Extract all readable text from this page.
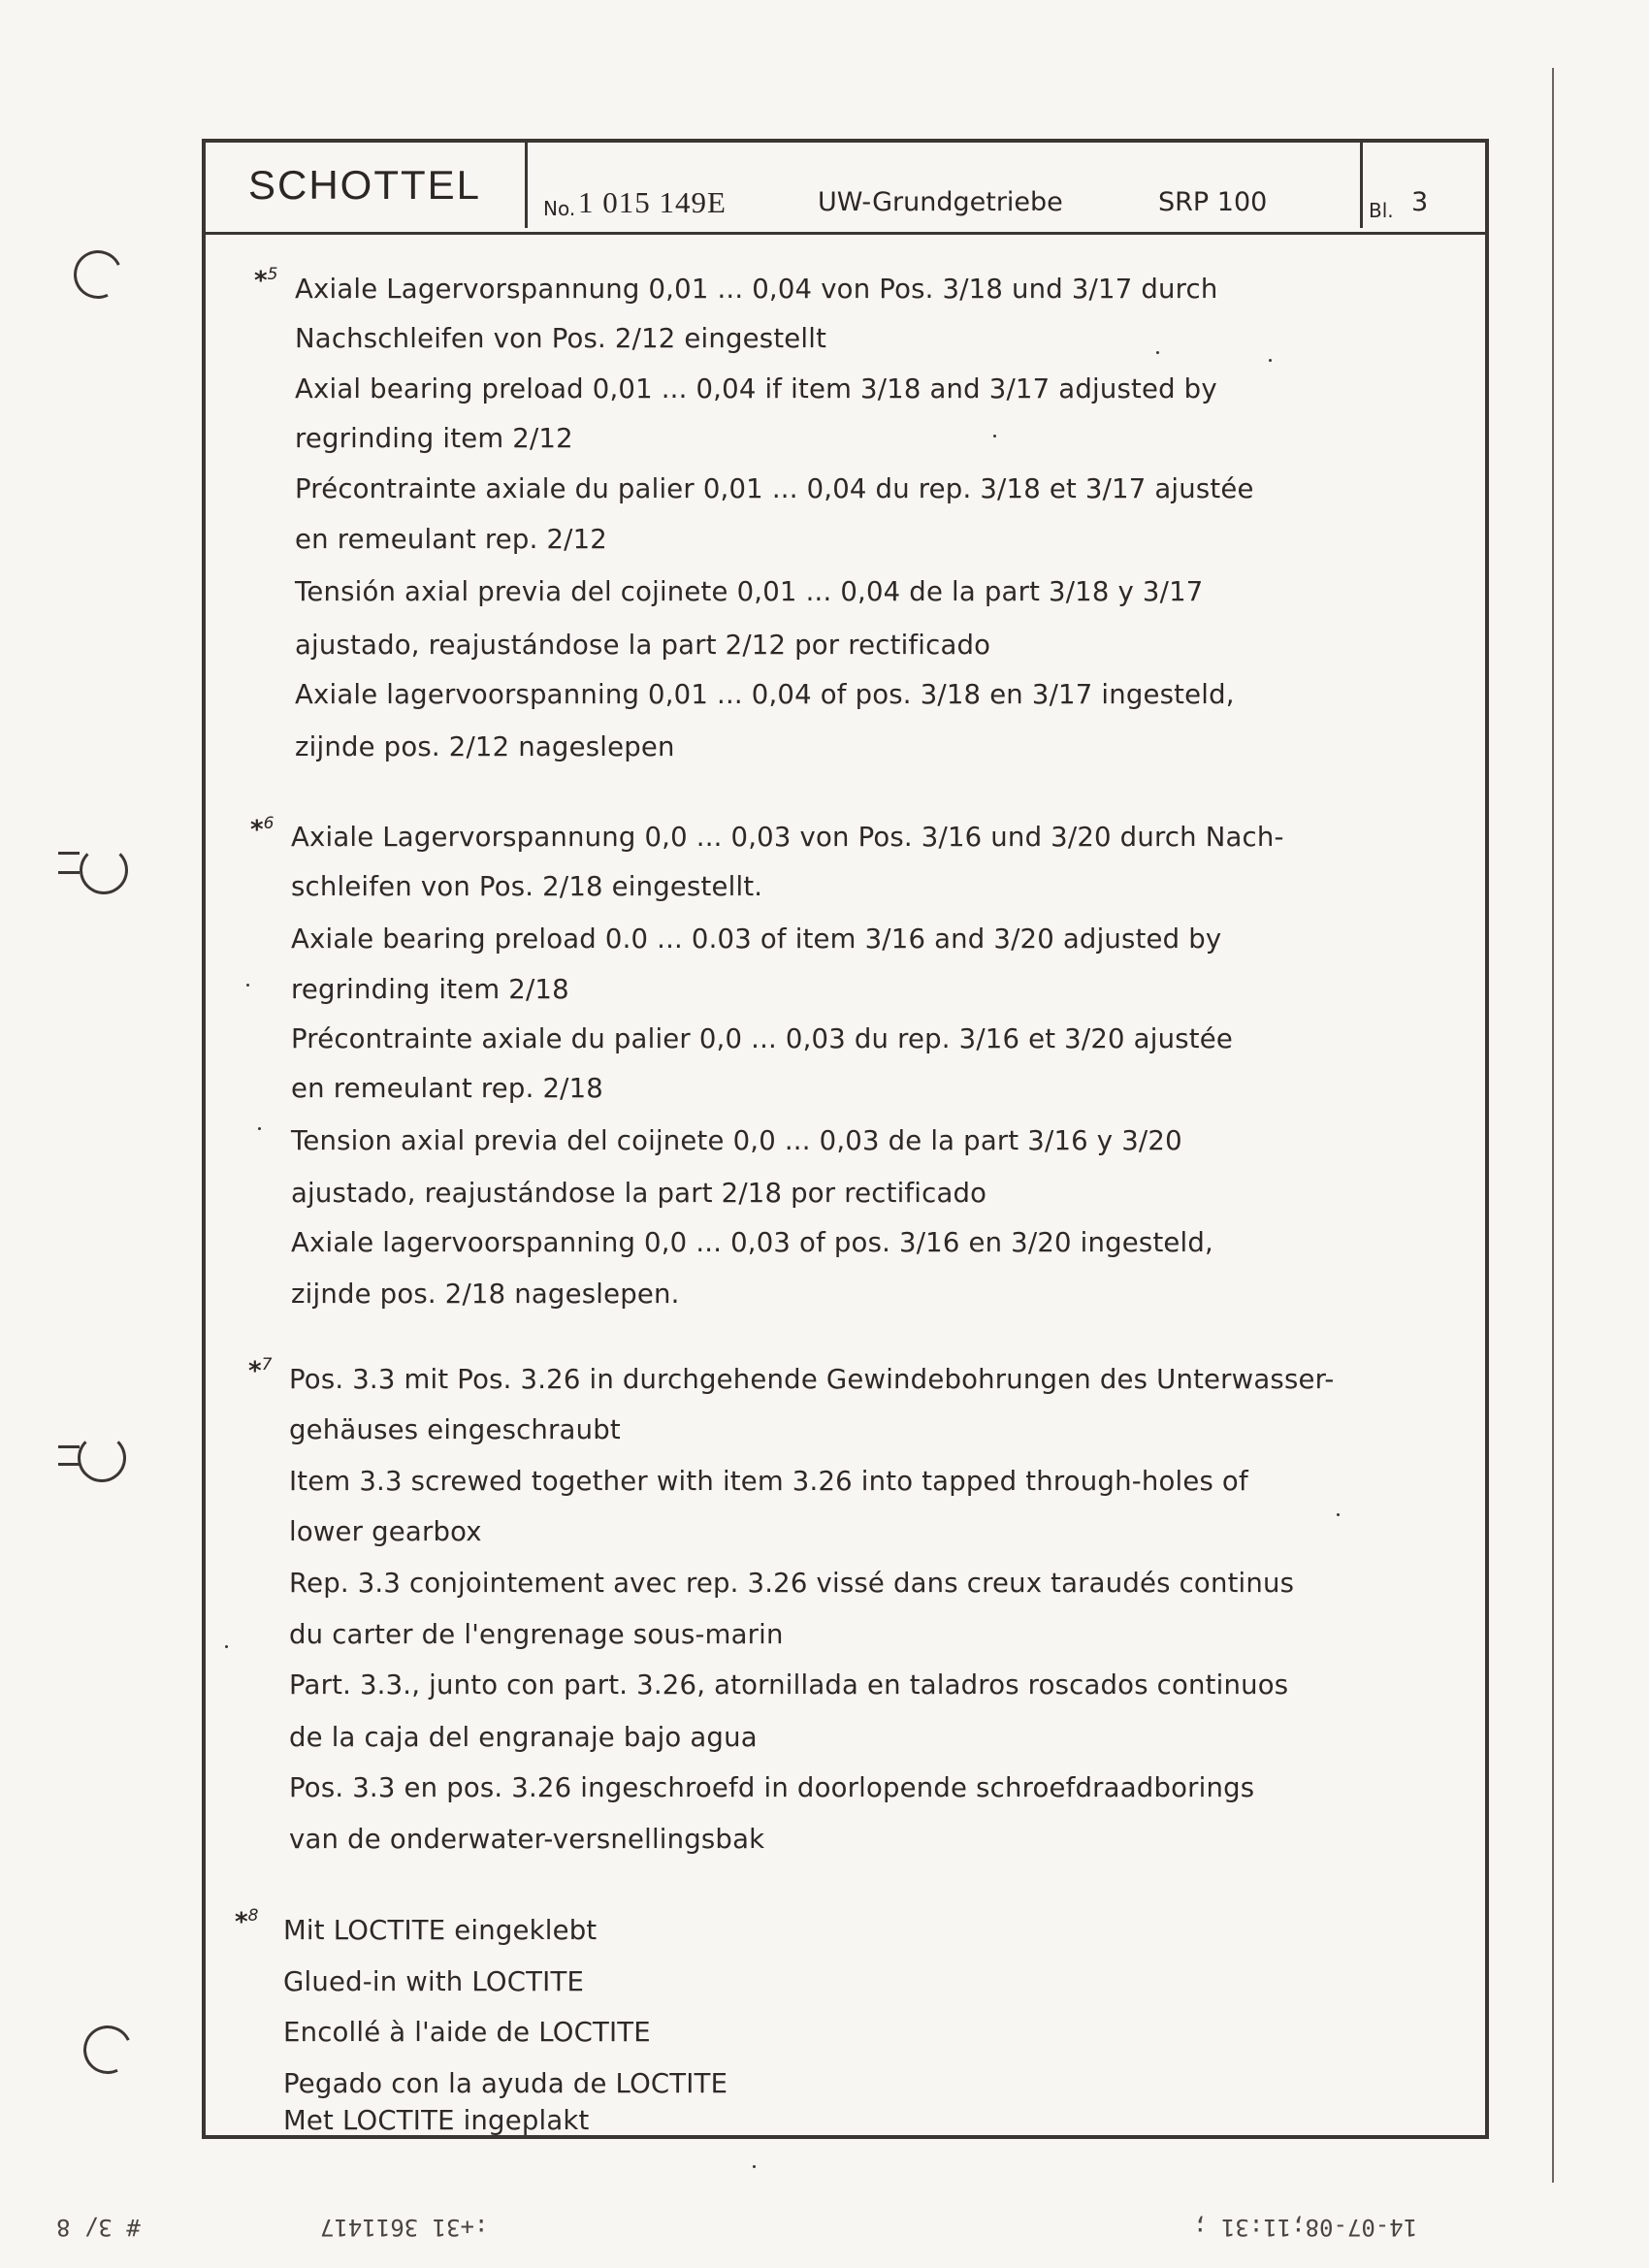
SCHOTTEL
No. 1 015 149E	UW-Grundgetriebe	SRP 100	Bl. 3
*$^5$ Axiale Lagervorspannung 0,01 ... 0,04 von Pos. 3/18 und 3/17 durch
Nachschleifen von Pos. 2/12 eingestellt
Axial bearing preload 0,01 ... 0,04 if item 3/18 and 3/17 adjusted by
regrinding item 2/12
Précontrainte axiale du palier 0,01 ... 0,04 du rep. 3/18 et 3/17 ajustée
en remeulant rep. 2/12
Tensión axial previa del cojinete 0,01 ... 0,04 de la part 3/18 y 3/17
ajustado, reajustándose la part 2/12 por rectificado
Axiale lagervoorspanning 0,01 ... 0,04 of pos. 3/18 en 3/17 ingesteld,
zijnde pos. 2/12 nageslepen
*$^6$ Axiale Lagervorspannung 0,0 ... 0,03 von Pos. 3/16 und 3/20 durch Nach-
schleifen von Pos. 2/18 eingestellt.
Axiale bearing preload 0.0 ... 0.03 of item 3/16 and 3/20 adjusted by
regrinding item 2/18
Précontrainte axiale du palier 0,0 ... 0,03 du rep. 3/16 et 3/20 ajustée
en remeulant rep. 2/18
Tension axial previa del coijnete 0,0 ... 0,03 de la part 3/16 y 3/20
ajustado, reajustándose la part 2/18 por rectificado
Axiale lagervoorspanning 0,0 ... 0,03 of pos. 3/16 en 3/20 ingesteld,
zijnde pos. 2/18 nageslepen.
*$^7$ Pos. 3.3 mit Pos. 3.26 in durchgehende Gewindebohrungen des Unterwasser-
gehäuses eingeschraubt
Item 3.3 screwed together with item 3.26 into tapped through-holes of
lower gearbox
Rep. 3.3 conjointement avec rep. 3.26 vissé dans creux taraudés continus
du carter de l'engrenage sous-marin
Part. 3.3., junto con part. 3.26, atornillada en taladros roscados continuos
de la caja del engranaje bajo agua
Pos. 3.3 en pos. 3.26 ingeschroefd in doorlopende schroefdraadborings
van de onderwater-versnellingsbak
*$^8$ Mit LOCTITE eingeklebt
Glued-in with LOCTITE
Encollé à l'aide de LOCTITE
Pegado con la ayuda de LOCTITE
Met LOCTITE ingeplakt
# 3/ 8	:+31 3611417	14-07-08;11:31 ;
